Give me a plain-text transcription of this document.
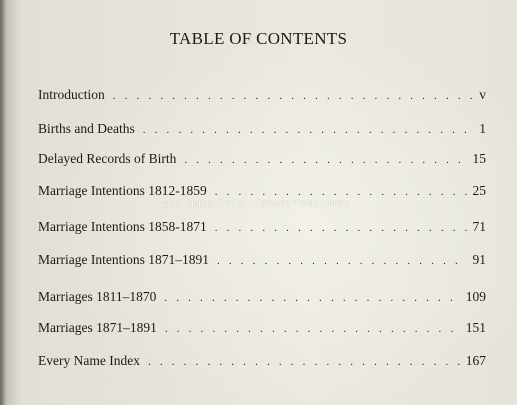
TABLE OF CONTENTS
Introduction . . .	v
Births and Deaths . . .	1
Delayed Records of Birth . . .	15
Marriage Intentions 1812-1859 . . .	25
Marriage Intentions 1858-1871 . . .	71
Marriage Intentions 1871–1891 . . .	91
Marriages 1811–1870 . . .	109
Marriages 1871–1891 . . .	151
Every Name Index . . .	167
Walsh History Center - Camden Public Library
